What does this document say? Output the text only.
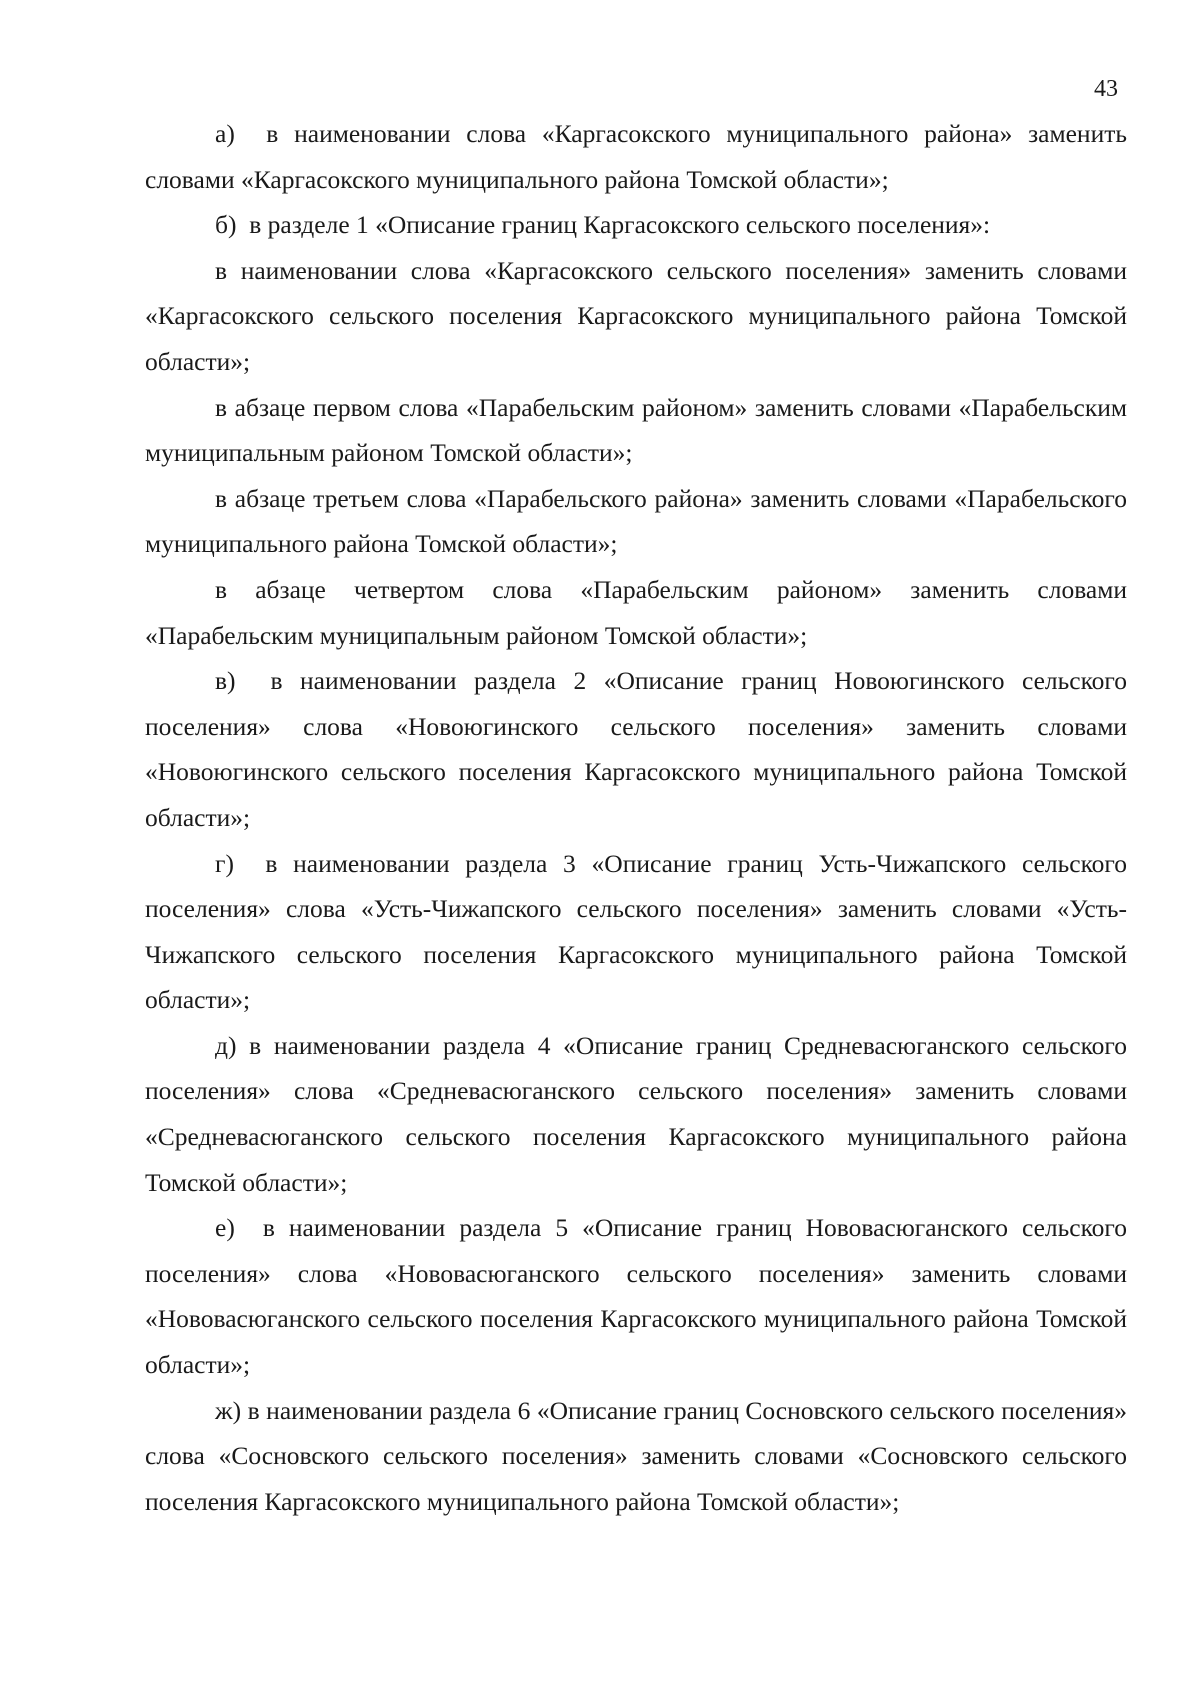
43

а)  в наименовании слова «Каргасокского муниципального района» заменить словами «Каргасокского муниципального района Томской области»;

б)  в разделе 1 «Описание границ Каргасокского сельского поселения»:

в наименовании слова «Каргасокского сельского поселения» заменить словами «Каргасокского сельского поселения Каргасокского муниципального района Томской области»;

в абзаце первом слова «Парабельским районом» заменить словами «Парабельским муниципальным районом Томской области»;

в абзаце третьем слова «Парабельского района» заменить словами «Парабельского муниципального района Томской области»;

в абзаце четвертом слова «Парабельским районом» заменить словами «Парабельским муниципальным районом Томской области»;

в)  в наименовании раздела 2 «Описание границ Новоюгинского сельского поселения» слова «Новоюгинского сельского поселения» заменить словами «Новоюгинского сельского поселения Каргасокского муниципального района Томской области»;

г)  в наименовании раздела 3 «Описание границ Усть-Чижапского сельского поселения» слова «Усть-Чижапского сельского поселения» заменить словами «Усть-Чижапского сельского поселения Каргасокского муниципального района Томской области»;

д) в наименовании раздела 4 «Описание границ Средневасюганского сельского поселения» слова «Средневасюганского сельского поселения» заменить словами «Средневасюганского сельского поселения Каргасокского муниципального района Томской области»;

е)  в наименовании раздела 5 «Описание границ Нововасюганского сельского поселения» слова «Нововасюганского сельского поселения» заменить словами «Нововасюганского сельского поселения Каргасокского муниципального района Томской области»;

ж) в наименовании раздела 6 «Описание границ Сосновского сельского поселения» слова «Сосновского сельского поселения» заменить словами «Сосновского сельского поселения Каргасокского муниципального района Томской области»;
